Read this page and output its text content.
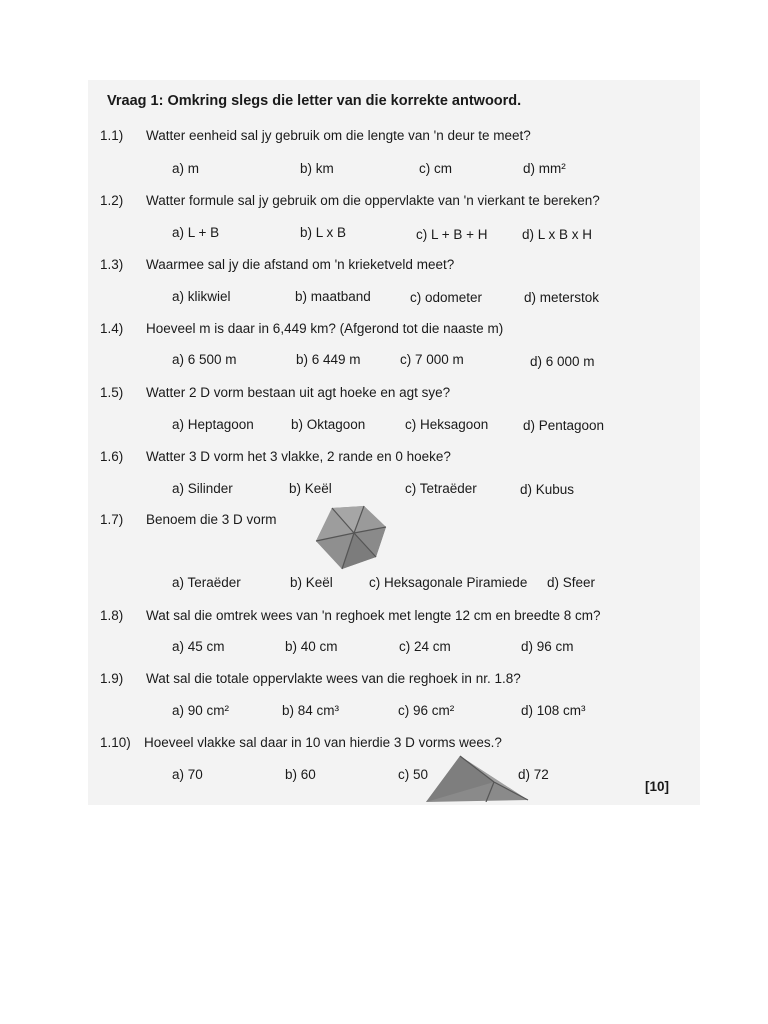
Vraag 1: Omkring slegs die letter van die korrekte antwoord.
1.1) Watter eenheid sal jy gebruik om die lengte van 'n deur te meet?
a) m	b) km	c) cm	d) mm²
1.2) Watter formule sal jy gebruik om die oppervlakte van 'n vierkant te bereken?
a) L + B	b) L x B	c) L + B + H	d) L x B x H
1.3) Waarmee sal jy die afstand om 'n krieketveld meet?
a) klikwiel	b) maatband	c) odometer	d) meterstok
1.4) Hoeveel m is daar in 6,449 km? (Afgerond tot die naaste m)
a) 6 500 m	b) 6 449 m	c) 7 000 m	d) 6 000 m
1.5) Watter 2 D vorm bestaan uit agt hoeke en agt sye?
a) Heptagoon	b) Oktagoon	c) Heksagoon	d) Pentagoon
1.6) Watter 3 D vorm het 3 vlakke, 2 rande en 0 hoeke?
a) Silinder	b) Keël	c) Tetraëder	d) Kubus
1.7) Benoem die 3 D vorm
a) Teraëder	b) Keël	c) Heksagonale Piramiede d) Sfeer
1.8) Wat sal die omtrek wees van 'n reghoek met lengte 12 cm en breedte 8 cm?
a) 45 cm	b) 40 cm	c) 24 cm	d) 96 cm
1.9) Wat sal die totale oppervlakte wees van die reghoek in nr. 1.8?
a) 90 cm²	b) 84 cm³	c) 96 cm²	d) 108 cm³
1.10) Hoeveel vlakke sal daar in 10 van hierdie 3 D vorms wees.?
a) 70	b) 60	c) 50	d) 72
[10]
